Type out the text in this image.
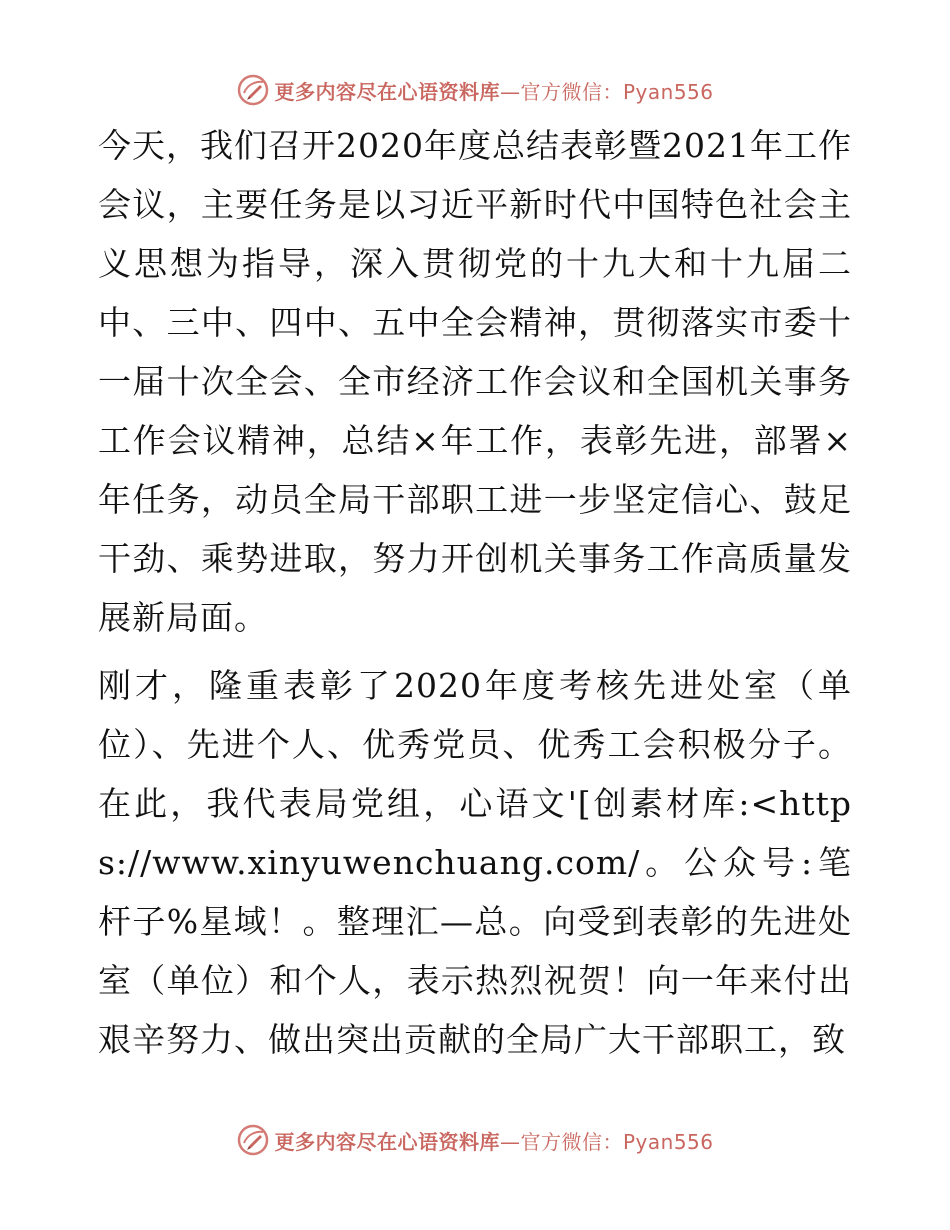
更多内容尽在心语资料库—官方微信：Pyan556

今天，我们召开2020年度总结表彰暨2021年工作会议，主要任务是以习近平新时代中国特色社会主义思想为指导，深入贯彻党的十九大和十九届二中、三中、四中、五中全会精神，贯彻落实市委十一届十次全会、全市经济工作会议和全国机关事务工作会议精神，总结×年工作，表彰先进，部署×年任务，动员全局干部职工进一步坚定信心、鼓足干劲、乘势进取，努力开创机关事务工作高质量发展新局面。

刚才，隆重表彰了2020年度考核先进处室（单位）、先进个人、优秀党员、优秀工会积极分子。在此，我代表局党组，心语文'[创素材库:<https://www.xinyuwenchuang.com/。公众号:笔杆子%星域！。整理汇—总。向受到表彰的先进处室（单位）和个人，表示热烈祝贺！向一年来付出艰辛努力、做出突出贡献的全局广大干部职工，致

更多内容尽在心语资料库—官方微信：Pyan556
